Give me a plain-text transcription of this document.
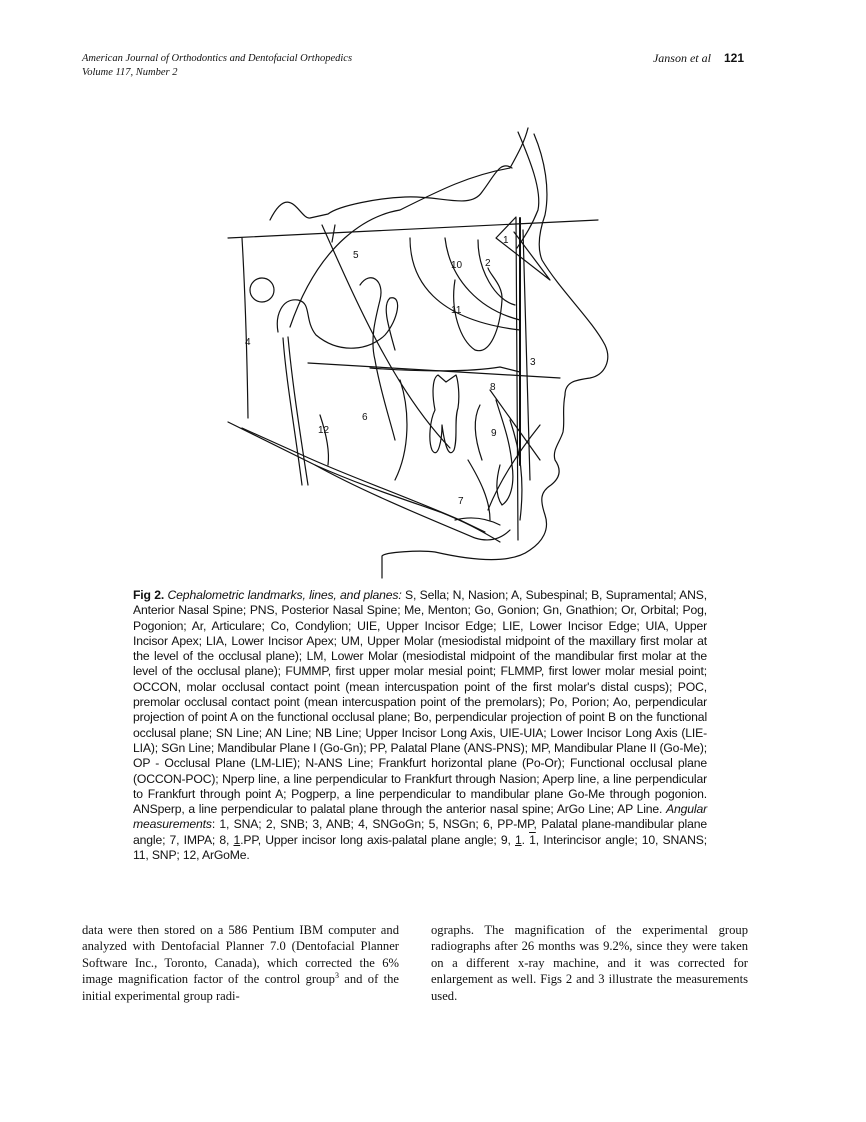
American Journal of Orthodontics and Dentofacial Orthopedics
Volume 117, Number 2
Janson et al 121
1
2
3
4
5
6
7
8
9
10
11
12
Fig 2. Cephalometric landmarks, lines, and planes: S, Sella; N, Nasion; A, Subespinal; B, Supramental; ANS, Anterior Nasal Spine; PNS, Posterior Nasal Spine; Me, Menton; Go, Gonion; Gn, Gnathion; Or, Orbital; Pog, Pogonion; Ar, Articulare; Co, Condylion; UIE, Upper Incisor Edge; LIE, Lower Incisor Edge; UIA, Upper Incisor Apex; LIA, Lower Incisor Apex; UM, Upper Molar (mesiodistal midpoint of the maxillary first molar at the level of the occlusal plane); LM, Lower Molar (mesiodistal midpoint of the mandibular first molar at the level of the occlusal plane); FUMMP, first upper molar mesial point; FLMMP, first lower molar mesial point; OCCON, molar occlusal contact point (mean intercuspation point of the first molar's distal cusps); POC, premolar occlusal contact point (mean intercuspation point of the premolars); Po, Porion; Ao, perpendicular projection of point A on the functional occlusal plane; Bo, perpendicular projection of point B on the functional occlusal plane; SN Line; AN Line; NB Line; Upper Incisor Long Axis, UIE-UIA; Lower Incisor Long Axis (LIE-LIA); SGn Line; Mandibular Plane I (Go-Gn); PP, Palatal Plane (ANS-PNS); MP, Mandibular Plane II (Go-Me); OP - Occlusal Plane (LM-LIE); N-ANS Line; Frankfurt horizontal plane (Po-Or); Functional occlusal plane (OCCON-POC); Nperp line, a line perpendicular to Frankfurt through Nasion; Aperp line, a line perpendicular to Frankfurt through point A; Pogperp, a line perpendicular to mandibular plane Go-Me through pogonion. ANSperp, a line perpendicular to palatal plane through the anterior nasal spine; ArGo Line; AP Line. Angular measurements: 1, SNA; 2, SNB; 3, ANB; 4, SNGoGn; 5, NSGn; 6, PP-MP, Palatal plane-mandibular plane angle; 7, IMPA; 8, 1.PP, Upper incisor long axis-palatal plane angle; 9, 1. 1, Interincisor angle; 10, SNANS; 11, SNP; 12, ArGoMe.
data were then stored on a 586 Pentium IBM computer and analyzed with Dentofacial Planner 7.0 (Dentofacial Planner Software Inc., Toronto, Canada), which corrected the 6% image magnification factor of the control group$^3$ and of the initial experimental group radi-
ographs. The magnification of the experimental group radiographs after 26 months was 9.2%, since they were taken on a different x-ray machine, and it was corrected for enlargement as well. Figs 2 and 3 illustrate the measurements used.
